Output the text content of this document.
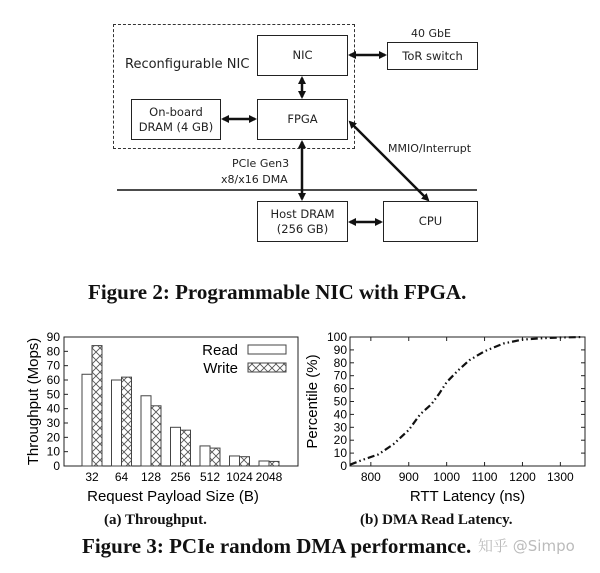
Reconfigurable NIC
NIC
FPGA
On-board
DRAM (4 GB)
ToR switch
40 GbE
Host DRAM
(256 GB)
CPU
MMIO/Interrupt
PCIe Gen3
x8/x16 DMA
Figure 2: Programmable NIC with FPGA.
0
10
20
30
40
50
60
70
80
90
32 64 128 256 512 1024 2048
Read
Write
Request Payload Size (B)
Throughput (Mops)
0
10
20
30
40
50
60
70
80
90
100
800 900 1000 1100 1200 1300
RTT Latency (ns)
Percentile (%)
(a) Throughput.	(b) DMA Read Latency.
Figure 3: PCIe random DMA performance. 知乎 @Simpo
